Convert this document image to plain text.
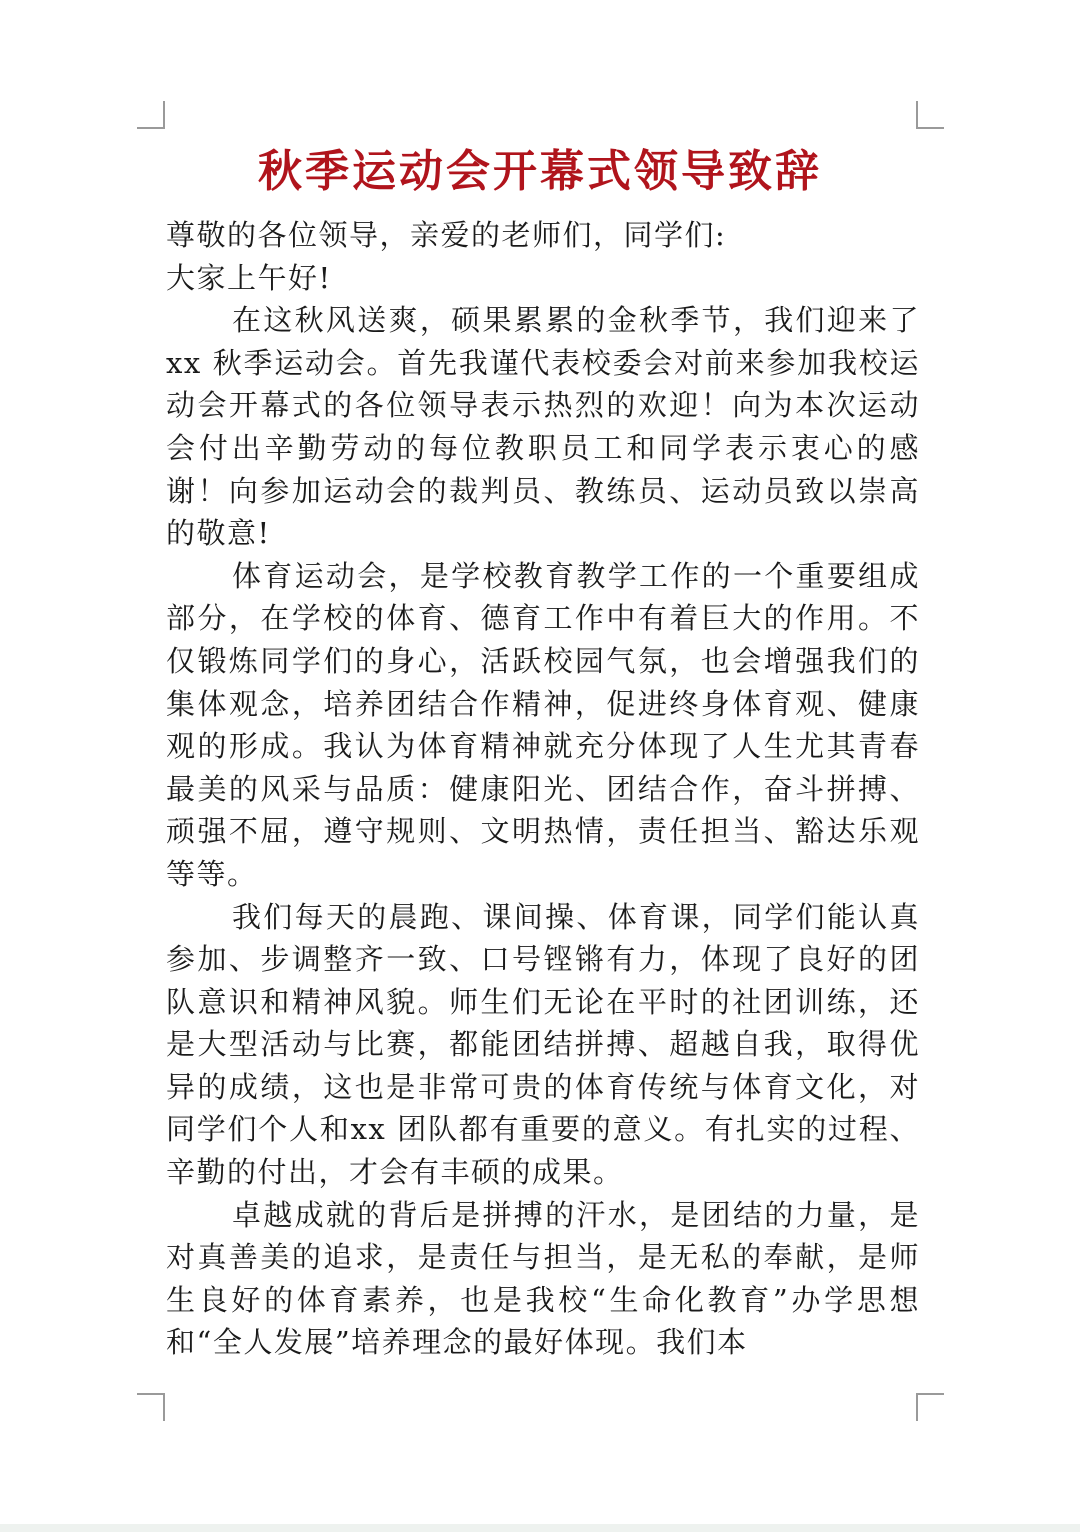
秋季运动会开幕式领导致辞

尊敬的各位领导，亲爱的老师们，同学们:

大家上午好!

在这秋风送爽，硕果累累的金秋季节，我们迎来了xx 秋季运动会。首先我谨代表校委会对前来参加我校运动会开幕式的各位领导表示热烈的欢迎！向为本次运动会付出辛勤劳动的每位教职员工和同学表示衷心的感谢！向参加运动会的裁判员、教练员、运动员致以崇高的敬意!

体育运动会，是学校教育教学工作的一个重要组成部分，在学校的体育、德育工作中有着巨大的作用。不仅锻炼同学们的身心，活跃校园气氛，也会增强我们的集体观念，培养团结合作精神，促进终身体育观、健康观的形成。我认为体育精神就充分体现了人生尤其青春最美的风采与品质：健康阳光、团结合作，奋斗拼搏、顽强不屈，遵守规则、文明热情，责任担当、豁达乐观等等。

我们每天的晨跑、课间操、体育课，同学们能认真参加、步调整齐一致、口号铿锵有力，体现了良好的团队意识和精神风貌。师生们无论在平时的社团训练，还是大型活动与比赛，都能团结拼搏、超越自我，取得优异的成绩，这也是非常可贵的体育传统与体育文化，对同学们个人和xx 团队都有重要的意义。有扎实的过程、辛勤的付出，才会有丰硕的成果。

卓越成就的背后是拼搏的汗水，是团结的力量，是对真善美的追求，是责任与担当，是无私的奉献，是师生良好的体育素养，也是我校“生命化教育”办学思想和“全人发展”培养理念的最好体现。我们本
